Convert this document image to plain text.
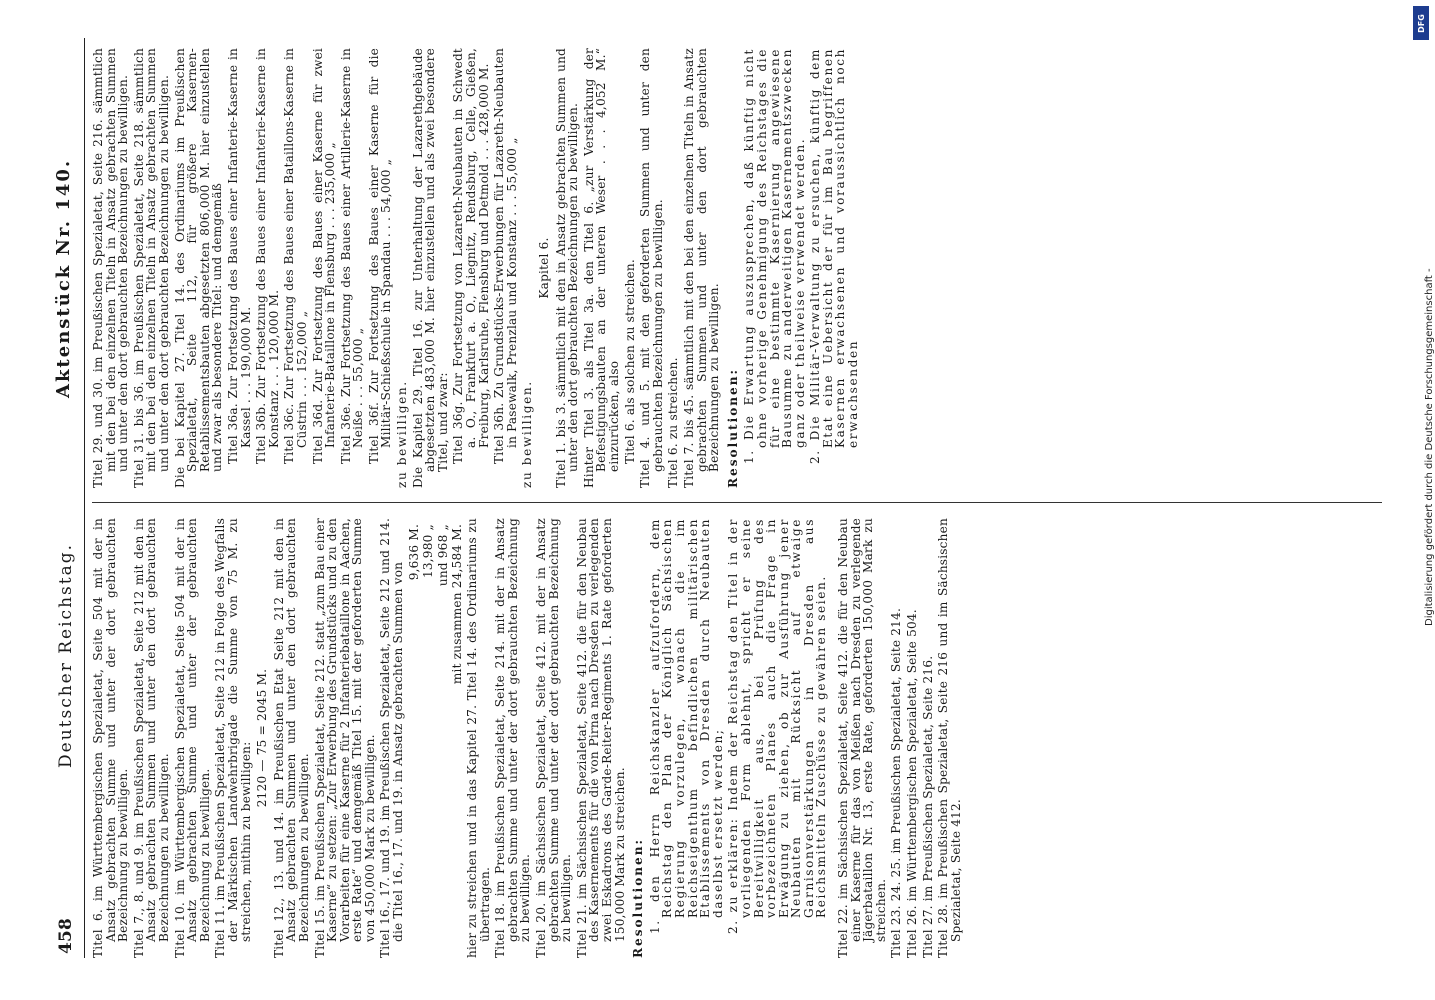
458
Deutscher Reichstag.
Aktenstück Nr. 140.

Titel 6. im Württembergischen Spezialetat, Seite 504 mit der in Ansatz gebrachten Summe und unter der dort gebrauchten Bezeichnung zu bewilligen. Titel 7., 8. und 9. im Preußischen Spezialetat, Seite 212 mit den in Ansatz gebrachten Summen und unter den dort gebrauchten Bezeichnungen zu bewilligen. Titel 10. im Württembergischen Spezialetat, Seite 504 mit der in Ansatz gebrachten Summe und unter der gebrauchten Bezeichnung zu bewilligen. Titel 11. im Preußischen Spezialetat, Seite 212 in Folge des Wegfalls der Märkischen Landwehrbrigade die Summe von 75 M. zu streichen, mithin zu bewilligen:

2120 — 75 = 2045 M. Titel 12., 13. und 14. im Preußischen Etat Seite 212 mit den in Ansatz gebrachten Summen und unter den dort gebrauchten Bezeichnungen zu bewilligen. Titel 15. im Preußischen Spezialetat, Seite 212. statt „zum Bau einer Kaserne“ zu setzen: „Zur Erwerbung des Grundstücks und zu den Vorarbeiten für eine Kaserne für 2 Infanteriebataillone in Aachen, erste Rate“ und demgemäß Titel 15. mit der geforderten Summe von 450,000 Mark zu bewilligen. Titel 16., 17. und 19. im Preußischen Spezialetat, Seite 212 und 214. die Titel 16., 17. und 19. in Ansatz gebrachten Summen von

9,636 M. 13,980 „ und 968 „ mit zusammen 24,584 M. hier zu streichen und in das Kapitel 27. Titel 14. des Ordinariums zu übertragen. Titel 18. im Preußischen Spezialetat, Seite 214. mit der in Ansatz gebrachten Summe und unter der dort gebrauchten Bezeichnung zu bewilligen. Titel 20. im Sächsischen Spezialetat, Seite 412. mit der in Ansatz gebrachten Summe und unter der dort gebrauchten Bezeichnung zu bewilligen. Titel 21. im Sächsischen Spezialetat, Seite 412. die für den Neubau des Kasernements für die von Pirna nach Dresden zu verlegenden zwei Eskadrons des Garde-Reiter-Regiments 1. Rate geforderten 150,000 Mark zu streichen. Resolutionen: 1. den Herrn Reichskanzler aufzufordern, dem Reichstag den Plan der Königlich Sächsischen Regierung vorzulegen, wonach die im Reichseigenthum befindlichen militärischen Etablissements von Dresden durch Neubauten daselbst ersetzt werden; 2. zu erklären: Indem der Reichstag den Titel in der vorliegenden Form ablehnt, spricht er seine Bereitwilligkeit aus, bei Prüfung des vorbezeichneten Planes auch die Frage in Erwägung zu ziehen, ob zur Ausführung jener Neubauten mit Rücksicht auf etwaige Garnisonverstärkungen in Dresden aus Reichsmitteln Zuschüsse zu gewähren seien. Titel 22. im Sächsischen Spezialetat, Seite 412. die für den Neubau einer Kaserne für das von Meißen nach Dresden zu verlegende Jägerbataillon Nr. 13, erste Rate, geforderten 150,000 Mark zu streichen. Titel 23. 24. 25. im Preußischen Spezialetat, Seite 214. Titel 26. im Württembergischen Spezialetat, Seite 504. Titel 27. im Preußischen Spezialetat, Seite 216. Titel 28. im Preußischen Spezialetat, Seite 216 und im Sächsischen Spezialetat, Seite 412.

Titel 29. und 30. im Preußischen Spezialetat, Seite 216. sämmtlich mit den bei den einzelnen Titeln in Ansatz gebrachten Summen und unter den dort gebrauchten Bezeichnungen zu bewilligen. Titel 31. bis 36. im Preußischen Spezialetat, Seite 218. sämmtlich mit den bei den einzelnen Titeln in Ansatz gebrachten Summen und unter den dort gebrauchten Bezeichnungen zu bewilligen. Die bei Kapitel 27. Titel 14. des Ordinariums im Preußischen Spezialetat, Seite 112, für größere Kasernen-Retablissementsbauten abgesetzten 806,000 M. hier einzustellen und zwar als besondere Titel: und demgemäß Titel 36a. Zur Fortsetzung des Baues einer Infanterie-Kaserne in Kassel . . . 190,000 M. Titel 36b. Zur Fortsetzung des Baues einer Infanterie-Kaserne in Konstanz . . . 120,000 M. Titel 36c. Zur Fortsetzung des Baues einer Bataillons-Kaserne in Cüstrin . . . 152,000 „ Titel 36d. Zur Fortsetzung des Baues einer Kaserne für zwei Infanterie-Bataillone in Flensburg . . . 235,000 „ Titel 36e. Zur Fortsetzung des Baues einer Artillerie-Kaserne in Neiße . . . 55,000 „ Titel 36f. Zur Fortsetzung des Baues einer Kaserne für die Militär-Schießschule in Spandau . . . 54,000 „ zu bewilligen. Die Kapitel 29. Titel 16. zur Unterhaltung der Lazarethgebäude abgesetzten 483,000 M. hier einzustellen und als zwei besondere Titel, und zwar: Titel 36g. Zur Fortsetzung von Lazareth-Neubauten in Schwedt a. O., Frankfurt a. O., Liegnitz, Rendsburg, Celle, Gießen, Freiburg, Karlsruhe, Flensburg und Detmold . . . 428,000 M. Titel 36h. Zu Grundstücks-Erwerbungen für Lazareth-Neubauten in Pasewalk, Prenzlau und Konstanz . . . 55,000 „ zu bewilligen.

Kapitel 6. Titel 1. bis 3. sämmtlich mit den in Ansatz gebrachten Summen und unter den dort gebrauchten Bezeichnungen zu bewilligen. Hinter Titel 3. als Titel 3a. den Titel 6. „zur Verstärkung der Befestigungsbauten an der unteren Weser . . . 4,052 M.“ einzurücken, also Titel 6. als solchen zu streichen. Titel 4. und 5. mit den geforderten Summen und unter den gebrauchten Bezeichnungen zu bewilligen. Titel 6. zu streichen. Titel 7. bis 45. sämmtlich mit den bei den einzelnen Titeln in Ansatz gebrachten Summen und unter den dort gebrauchten Bezeichnungen zu bewilligen. Resolutionen: 1. Die Erwartung auszusprechen, daß künftig nicht ohne vorherige Genehmigung des Reichstages die für eine bestimmte Kasernierung angewiesene Bausumme zu anderweitigen Kasernementszwecken ganz oder theilweise verwendet werden. 2. Die Militär-Verwaltung zu ersuchen, künftig dem Etat eine Uebersicht der für im Bau begriffenen Kasernen erwachsenen und voraussichtlich noch erwachsenden	Digitalisierung gefördert durch die Deutsche Forschungsgemeinschaft -
DFG
